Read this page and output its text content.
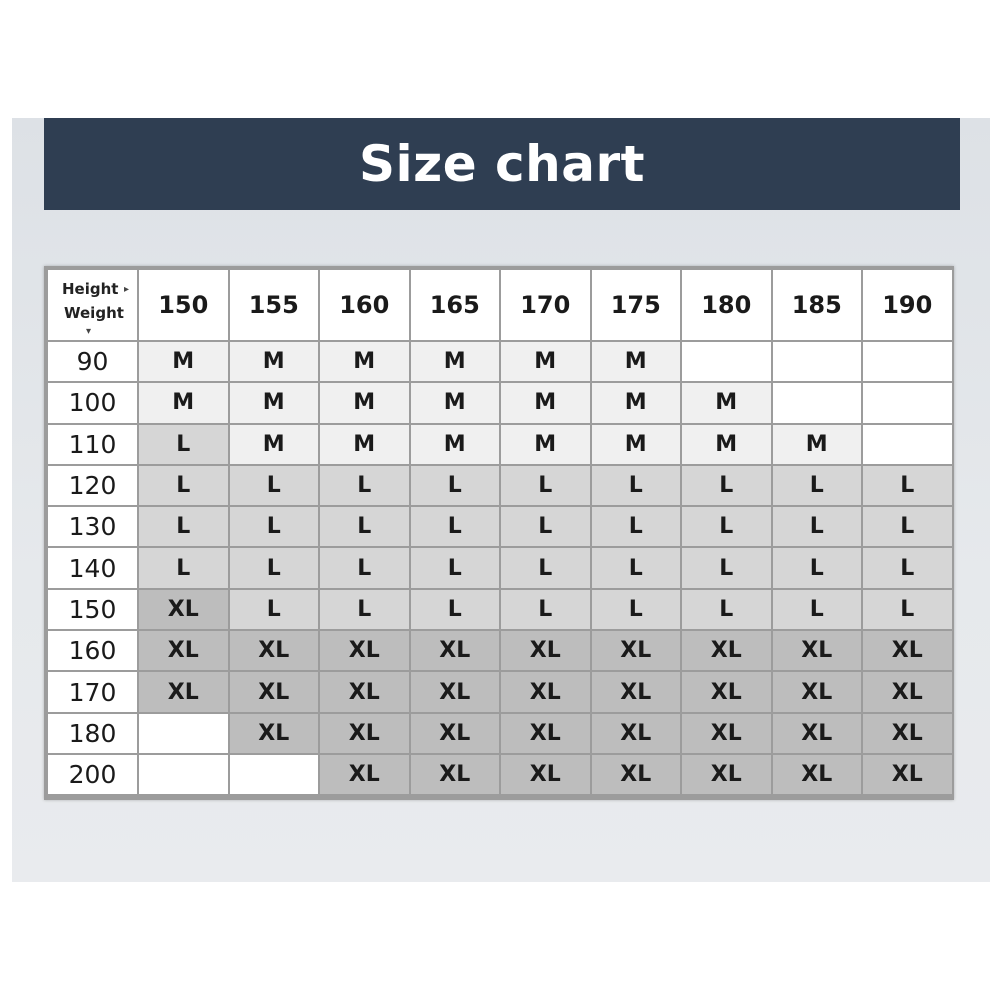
Size chart
Height ▸
Weight
▾	150	155	160	165	170	175	180	185	190
90	M	M	M	M	M	M			
100	M	M	M	M	M	M	M		
110	L	M	M	M	M	M	M	M	
120	L	L	L	L	L	L	L	L	L
130	L	L	L	L	L	L	L	L	L
140	L	L	L	L	L	L	L	L	L
150	XL	L	L	L	L	L	L	L	L
160	XL	XL	XL	XL	XL	XL	XL	XL	XL
170	XL	XL	XL	XL	XL	XL	XL	XL	XL
180		XL	XL	XL	XL	XL	XL	XL	XL
200			XL	XL	XL	XL	XL	XL	XL
